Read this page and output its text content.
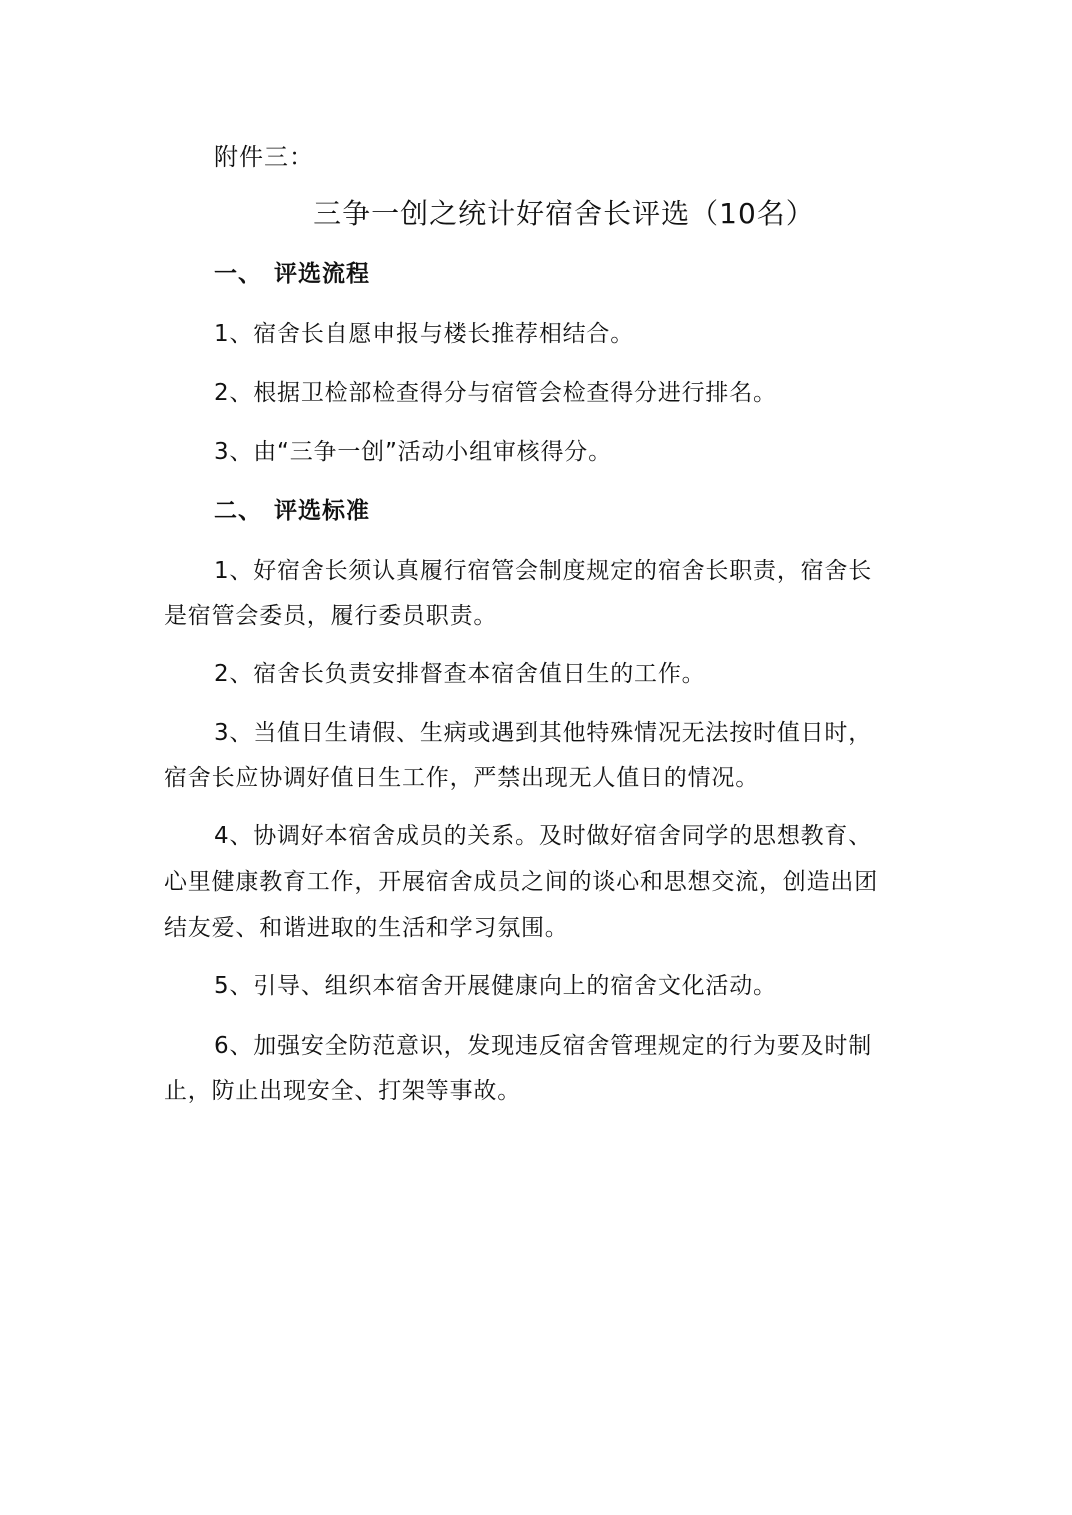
附件三：
三争一创之统计好宿舍长评选（10名）
一、 评选流程
1、宿舍长自愿申报与楼长推荐相结合。
2、根据卫检部检查得分与宿管会检查得分进行排名。
3、由“三争一创”活动小组审核得分。
二、 评选标准
1、好宿舍长须认真履行宿管会制度规定的宿舍长职责，宿舍长
是宿管会委员，履行委员职责。
2、宿舍长负责安排督查本宿舍值日生的工作。
3、当值日生请假、生病或遇到其他特殊情况无法按时值日时，
宿舍长应协调好值日生工作，严禁出现无人值日的情况。
4、协调好本宿舍成员的关系。及时做好宿舍同学的思想教育、
心里健康教育工作，开展宿舍成员之间的谈心和思想交流，创造出团
结友爱、和谐进取的生活和学习氛围。
5、引导、组织本宿舍开展健康向上的宿舍文化活动。
6、加强安全防范意识，发现违反宿舍管理规定的行为要及时制
止，防止出现安全、打架等事故。
